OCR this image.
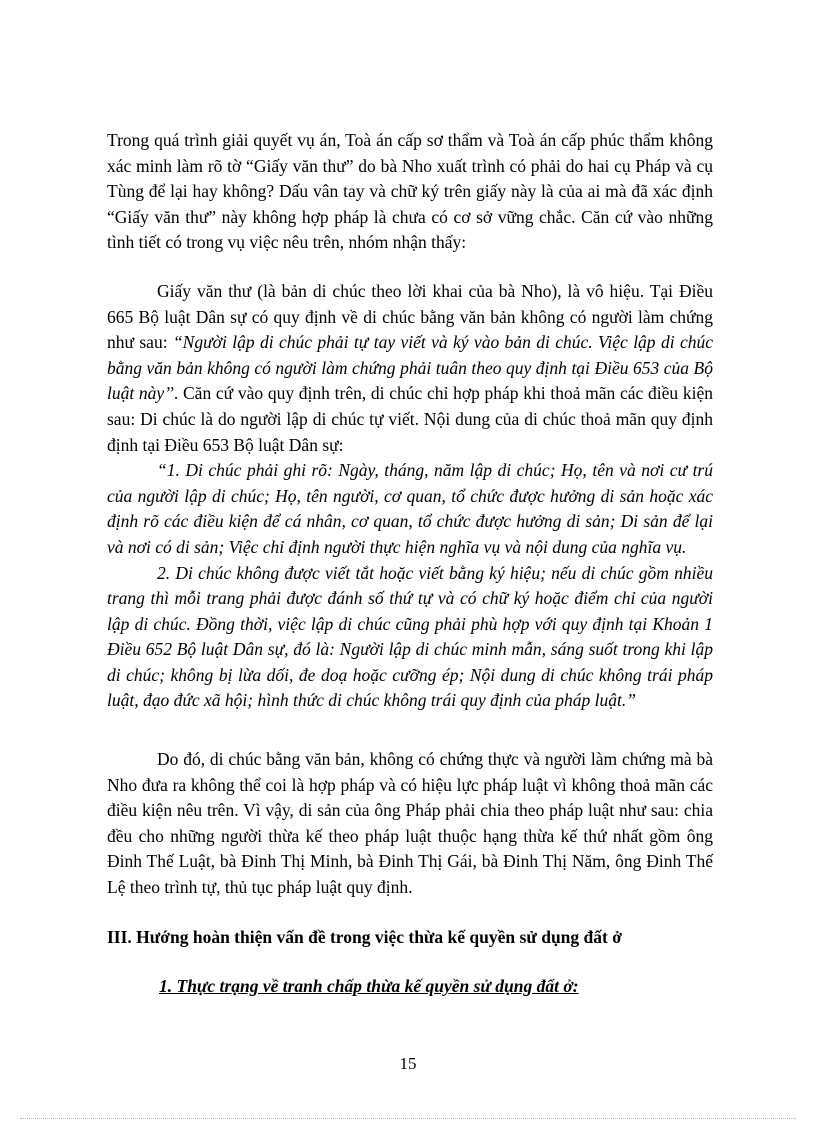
Trong quá trình giải quyết vụ án, Toà án cấp sơ thẩm và Toà án cấp phúc thẩm không xác minh làm rõ tờ “Giấy văn thư” do bà Nho xuất trình có phải do hai cụ Pháp và cụ Tùng để lại hay không? Dấu vân tay và chữ ký trên giấy này là của ai mà đã xác định “Giấy văn thư” này không hợp pháp là chưa có cơ sở vững chắc. Căn cứ vào những tình tiết có trong vụ việc nêu trên, nhóm nhận thấy:

Giấy văn thư (là bản di chúc theo lời khai của bà Nho), là vô hiệu. Tại Điều 665 Bộ luật Dân sự có quy định về di chúc bằng văn bản không có người làm chứng như sau: “Người lập di chúc phải tự tay viết và ký vào bản di chúc. Việc lập di chúc bằng văn bản không có người làm chứng phải tuân theo quy định tại Điều 653 của Bộ luật này’’. Căn cứ vào quy định trên, di chúc chỉ hợp pháp khi thoả mãn các điều kiện sau: Di chúc là do người lập di chúc tự viết. Nội dung của di chúc thoả mãn quy định định tại Điều 653 Bộ luật Dân sự:

“1. Di chúc phải ghi rõ: Ngày, tháng, năm lập di chúc; Họ, tên và nơi cư trú của người lập di chúc; Họ, tên người, cơ quan, tổ chức được hưởng di sản hoặc xác định rõ các điều kiện để cá nhân, cơ quan, tổ chức được hưởng di sản; Di sản để lại và nơi có di sản; Việc chỉ định người thực hiện nghĩa vụ và nội dung của nghĩa vụ.

2. Di chúc không được viết tắt hoặc viết bằng ký hiệu; nếu di chúc gồm nhiều trang thì mỗi trang phải được đánh số thứ tự và có chữ ký hoặc điểm chỉ của người lập di chúc. Đồng thời, việc lập di chúc cũng phải phù hợp với quy định tại Khoản 1 Điều 652 Bộ luật Dân sự, đó là: Người lập di chúc minh mẫn, sáng suốt trong khi lập di chúc; không bị lừa dối, đe doạ hoặc cưỡng ép; Nội dung di chúc không trái pháp luật, đạo đức xã hội; hình thức di chúc không trái quy định của pháp luật.”

Do đó, di chúc bằng văn bản, không có chứng thực và người làm chứng mà bà Nho đưa ra không thể coi là hợp pháp và có hiệu lực pháp luật vì không thoả mãn các điều kiện nêu trên. Vì vậy, di sản của ông Pháp phải chia theo pháp luật như sau: chia đều cho những người thừa kế theo pháp luật thuộc hạng thừa kế thứ nhất gồm ông Đinh Thế Luật, bà Đinh Thị Minh, bà Đinh Thị Gái, bà Đinh Thị Năm, ông Đinh Thế Lệ theo trình tự, thủ tục pháp luật quy định.

III. Hướng hoàn thiện vấn đề trong việc thừa kế quyền sử dụng đất ở
1. Thực trạng về tranh chấp thừa kế quyền sử dụng đất ở:
15
